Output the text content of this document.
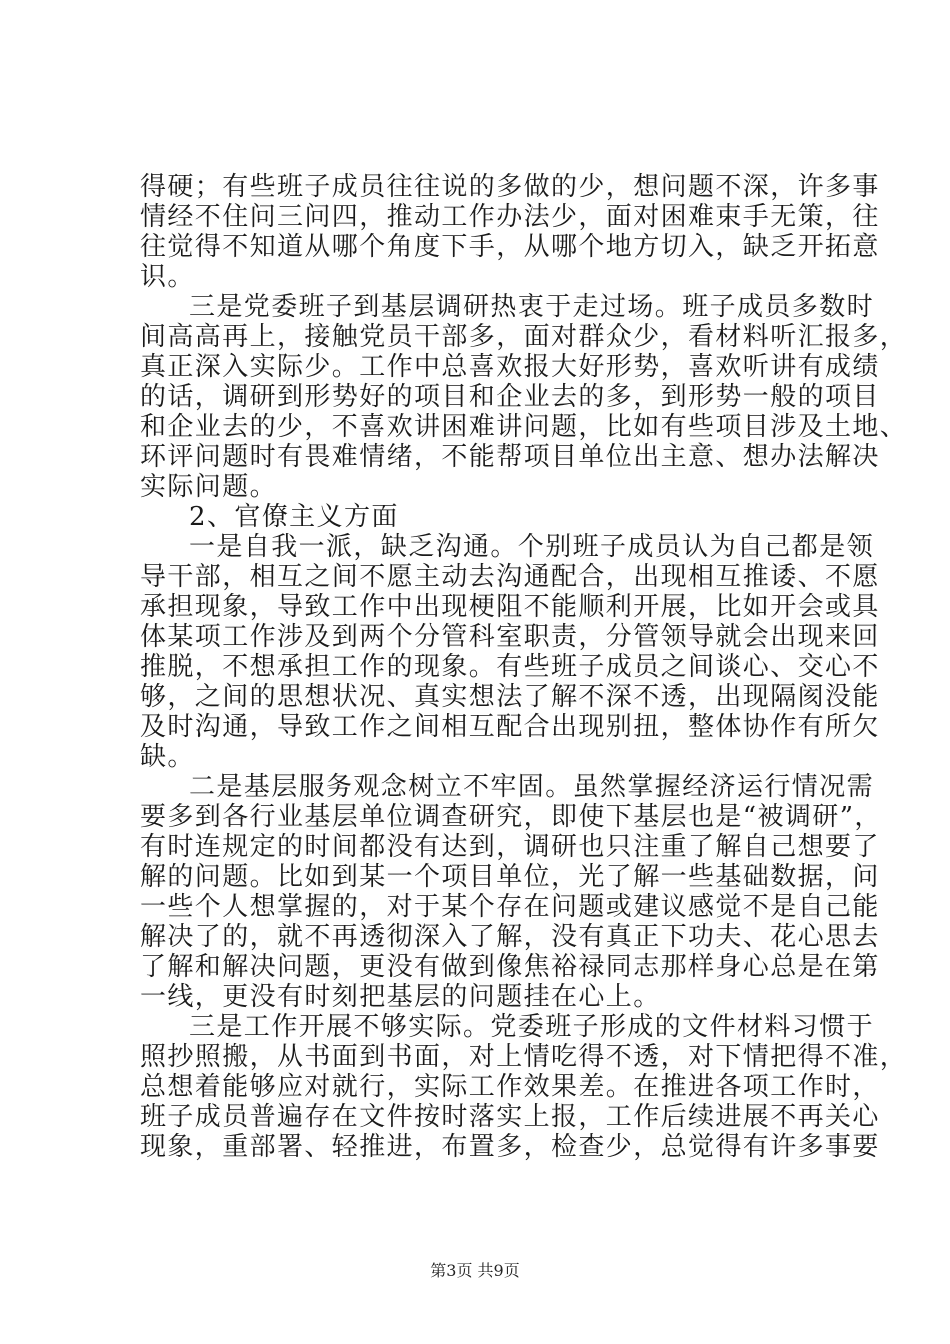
得硬；有些班子成员往往说的多做的少，想问题不深，许多事
情经不住问三问四，推动工作办法少，面对困难束手无策，往
往觉得不知道从哪个角度下手，从哪个地方切入，缺乏开拓意
识。
三是党委班子到基层调研热衷于走过场。班子成员多数时
间高高再上，接触党员干部多，面对群众少，看材料听汇报多，
真正深入实际少。工作中总喜欢报大好形势，喜欢听讲有成绩
的话，调研到形势好的项目和企业去的多，到形势一般的项目
和企业去的少，不喜欢讲困难讲问题，比如有些项目涉及土地、
环评问题时有畏难情绪，不能帮项目单位出主意、想办法解决
实际问题。
2、官僚主义方面
一是自我一派，缺乏沟通。个别班子成员认为自己都是领
导干部，相互之间不愿主动去沟通配合，出现相互推诿、不愿
承担现象，导致工作中出现梗阻不能顺利开展，比如开会或具
体某项工作涉及到两个分管科室职责，分管领导就会出现来回
推脱，不想承担工作的现象。有些班子成员之间谈心、交心不
够，之间的思想状况、真实想法了解不深不透，出现隔阂没能
及时沟通，导致工作之间相互配合出现别扭，整体协作有所欠
缺。
二是基层服务观念树立不牢固。虽然掌握经济运行情况需
要多到各行业基层单位调查研究，即使下基层也是“被调研”，
有时连规定的时间都没有达到，调研也只注重了解自己想要了
解的问题。比如到某一个项目单位，光了解一些基础数据，问
一些个人想掌握的，对于某个存在问题或建议感觉不是自己能
解决了的，就不再透彻深入了解，没有真正下功夫、花心思去
了解和解决问题，更没有做到像焦裕禄同志那样身心总是在第
一线，更没有时刻把基层的问题挂在心上。
三是工作开展不够实际。党委班子形成的文件材料习惯于
照抄照搬，从书面到书面，对上情吃得不透，对下情把得不准，
总想着能够应对就行，实际工作效果差。在推进各项工作时，
班子成员普遍存在文件按时落实上报，工作后续进展不再关心
现象，重部署、轻推进，布置多，检查少，总觉得有许多事要
第3页 共9页
